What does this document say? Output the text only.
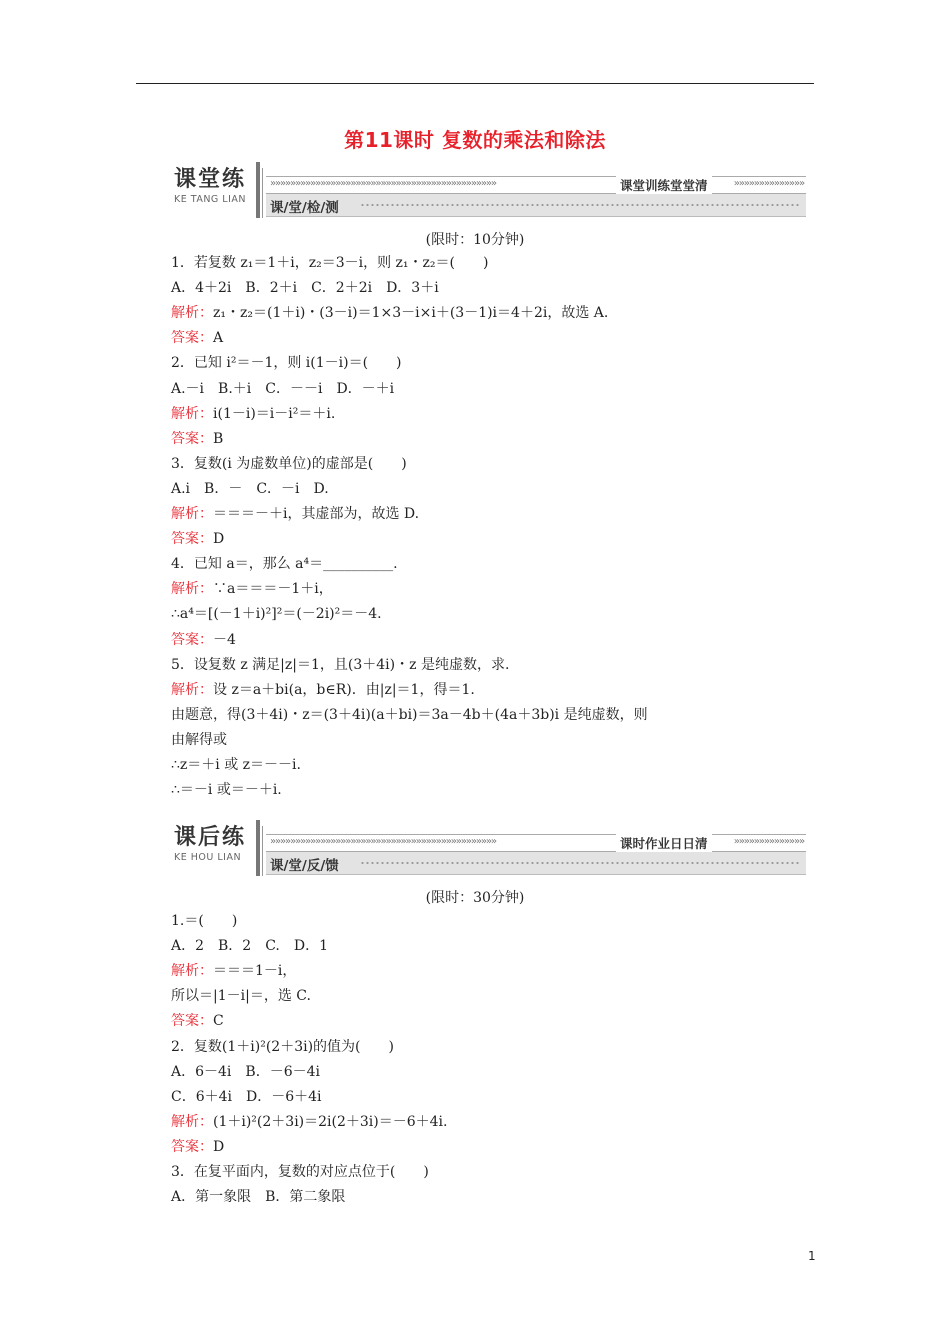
第11课时 复数的乘法和除法
课堂练
KE TANG LIAN
»»»»»»»»»»»»»»»»»»»»»»»»»»»»»»»»»»»»»»»»»»»»»	课堂训练堂堂清	»»»»»»»»»»»»»»
课/堂/检/测
(限时：10分钟)
1．若复数 z₁＝1＋i，z₂＝3－i，则 z₁・z₂＝(　　)
A．4＋2i　B．2＋i　C．2＋2i　D．3＋i
解析：z₁・z₂＝(1＋i)・(3－i)＝1×3－i×i＋(3－1)i＝4＋2i，故选 A.
答案：A
2．已知 i²＝－1，则 i(1－i)＝(　　)
A.－i　B.＋i　C．－－i　D．－＋i
解析：i(1－i)＝i－i²＝＋i.
答案：B
3．复数(i 为虚数单位)的虚部是(　　)
A.i　B．－　C．－i　D.
解析：＝＝＝－＋i，其虚部为，故选 D.
答案：D
4．已知 a＝，那么 a⁴＝__________.
解析：∵a＝＝＝－1＋i，
∴a⁴＝[(－1＋i)²]²＝(－2i)²＝－4.
答案：－4
5．设复数 z 满足|z|＝1，且(3＋4i)・z 是纯虚数，求.
解析：设 z＝a＋bi(a，b∈R)．由|z|＝1，得＝1.
由题意，得(3＋4i)・z＝(3＋4i)(a＋bi)＝3a－4b＋(4a＋3b)i 是纯虚数，则
由解得或
∴z＝＋i 或 z＝－－i.
∴＝－i 或＝－＋i.
课后练
KE HOU LIAN
»»»»»»»»»»»»»»»»»»»»»»»»»»»»»»»»»»»»»»»»»»»»»	课时作业日日清	»»»»»»»»»»»»»»
课/堂/反/馈
(限时：30分钟)
1.＝(　　)
A．2　B．2　C.　D．1
解析：＝＝＝1－i，
所以＝|1－i|＝，选 C.
答案：C
2．复数(1＋i)²(2＋3i)的值为(　　)
A．6－4i　B．－6－4i
C．6＋4i　D．－6＋4i
解析：(1＋i)²(2＋3i)＝2i(2＋3i)＝－6＋4i.
答案：D
3．在复平面内，复数的对应点位于(　　)
A．第一象限　B．第二象限
1
